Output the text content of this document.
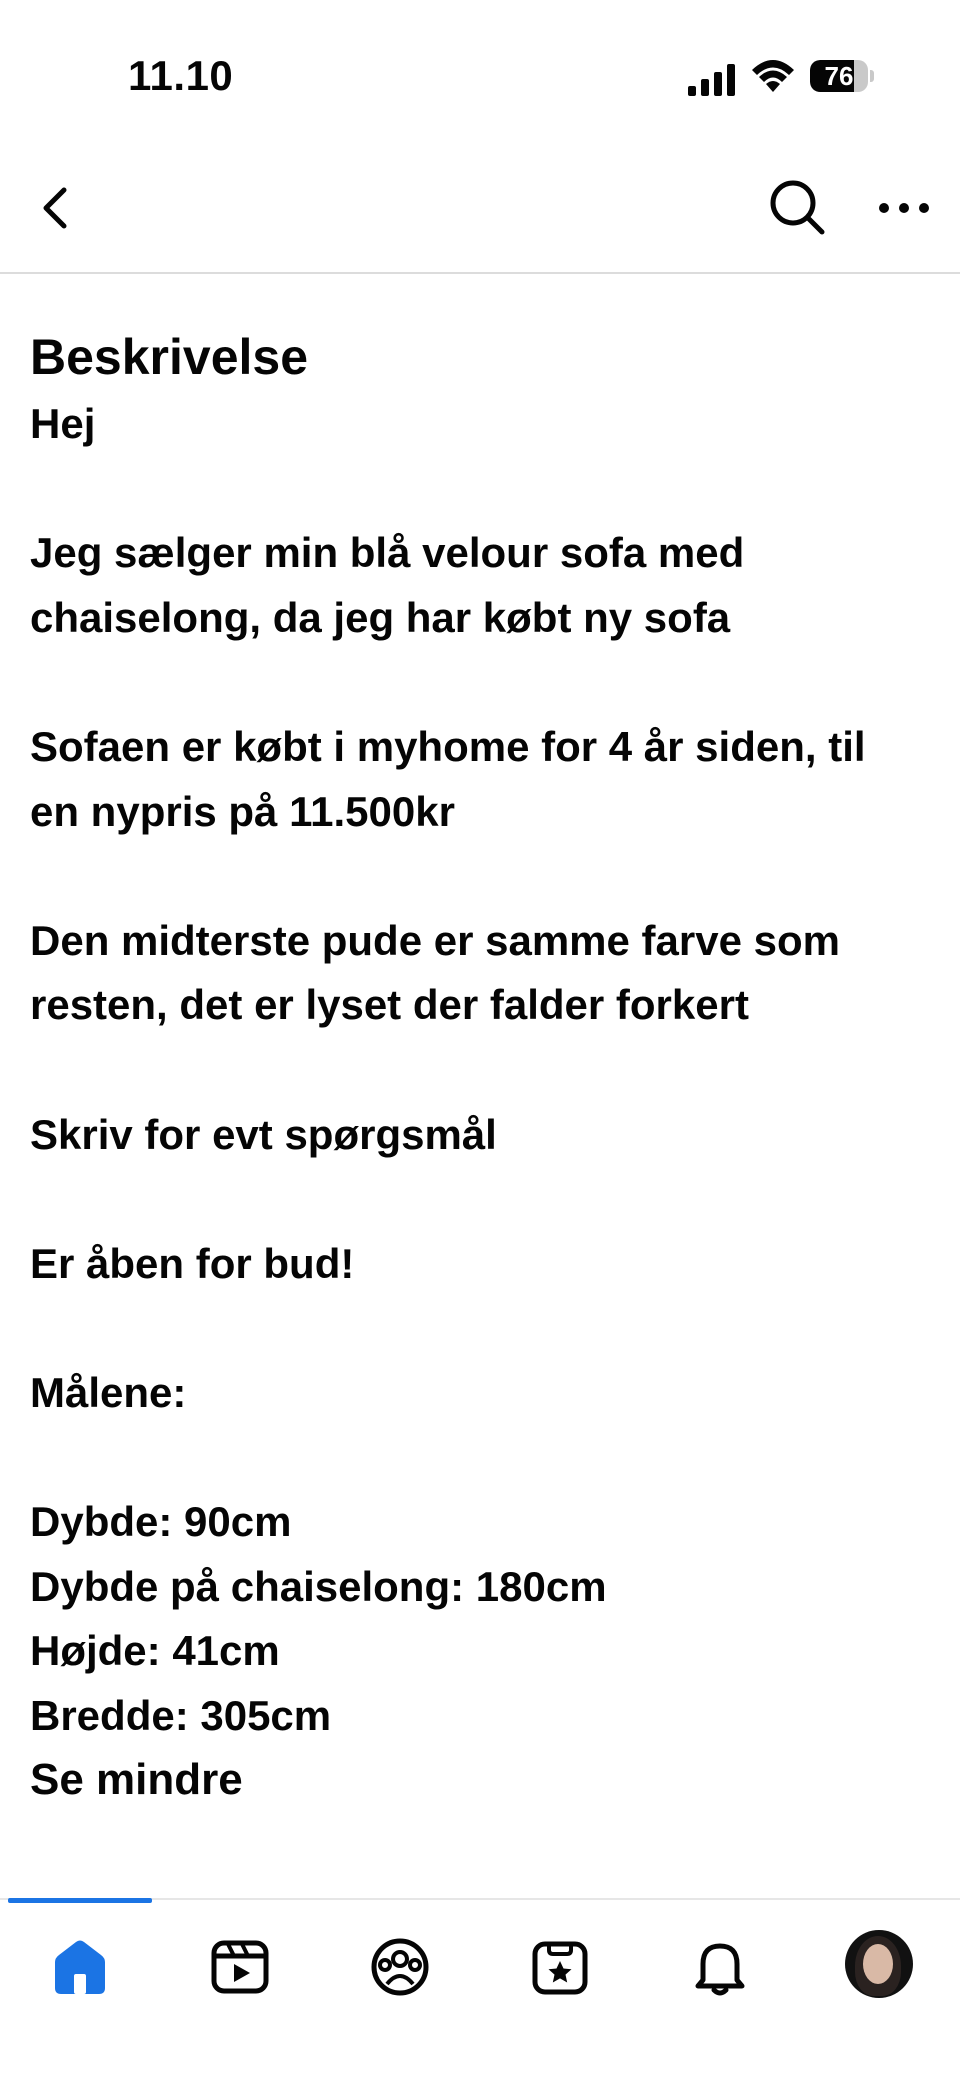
11.10	76
Beskrivelse
Hej
Jeg sælger min blå velour sofa med
chaiselong, da jeg har købt ny sofa
Sofaen er købt i myhome for 4 år siden, til
en nypris på 11.500kr
Den midterste pude er samme farve som
resten, det er lyset der falder forkert
Skriv for evt spørgsmål
Er åben for bud!
Målene:
Dybde: 90cm
Dybde på chaiselong: 180cm
Højde: 41cm
Bredde: 305cm
Se mindre
